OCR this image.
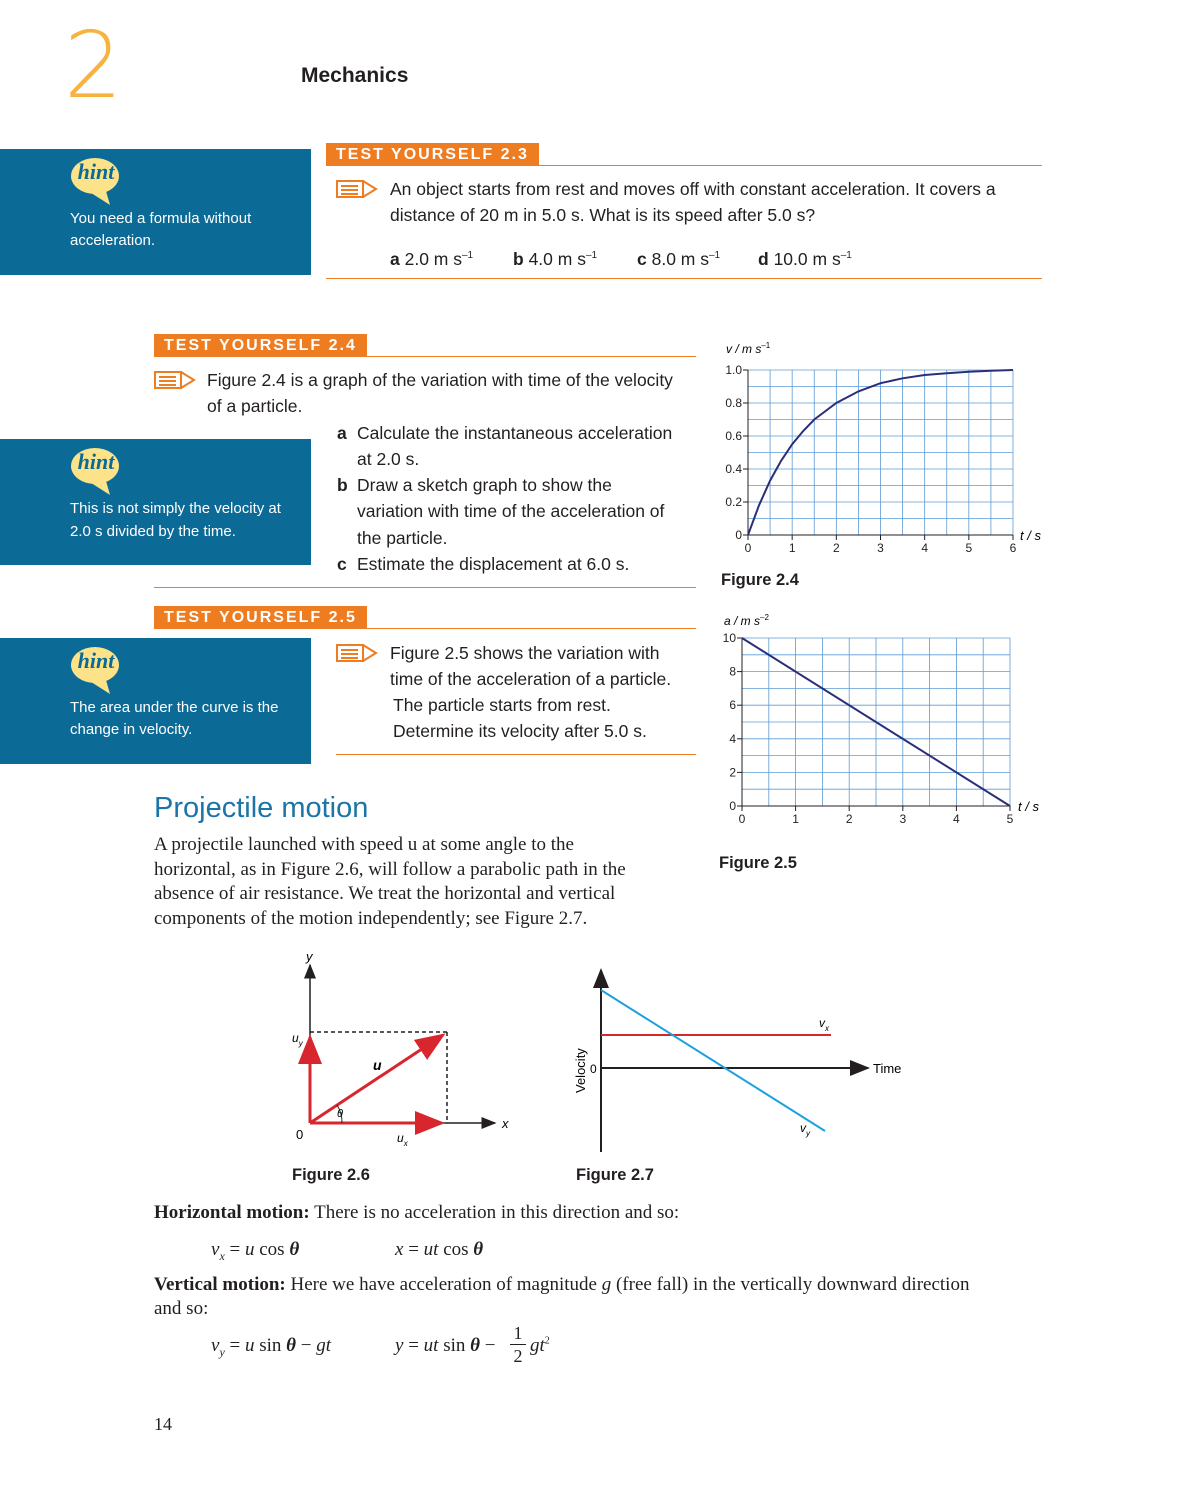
2	Mechanics
hint
You need a formula without
acceleration.
TEST YOURSELF 2.3
An object starts from rest and moves off with constant acceleration. It covers a
distance of 20 m in 5.0 s. What is its speed after 5.0 s?
a 2.0 m $s^{-1}$ b 4.0 m $s^{-1}$ c 8.0 m $s^{-1}$ d 10.0 m $s^{-1}$
TEST YOURSELF 2.4
Figure 2.4 is a graph of the variation with time of the velocity
of a particle.
a Calculate the instantaneous acceleration
at 2.0 s.
b Draw a sketch graph to show the
variation with time of the acceleration of
the particle.
c Estimate the displacement at 6.0 s.
hint
This is not simply the velocity at
2.0 s divided by the time.
TEST YOURSELF 2.5
Figure 2.5 shows the variation with
time of the acceleration of a particle.
The particle starts from rest.
Determine its velocity after 5.0 s.
hint
The area under the curve is the
change in velocity.
0	1	2	3	4	5	6
0
0.2
0.4
0.6
0.8
1.0
v / m $s^{-1}$
t / s
Figure 2.4
0	1	2	3	4	5
0
2
4
6
8
10
a / m $s^{-2}$
t / s
Figure 2.5
Projectile motion
A projectile launched with speed u at some angle to the
horizontal, as in Figure 2.6, will follow a parabolic path in the
absence of air resistance. We treat the horizontal and vertical
components of the motion independently; see Figure 2.7.
y
x
0
u
$u_y$
$u_x$
θ
Figure 2.6
Velocity 0	Time
$v_x$
$v_y$
Figure 2.7
Horizontal motion: There is no acceleration in this direction and so:
$v_x = u$ cos θ	x = ut cos θ
Vertical motion: Here we have acceleration of magnitude g (free fall) in the vertically downward direction
and so:
$v_y = u$ sin θ − gt	y = ut sin θ −
1
2 $gt^2$
14
